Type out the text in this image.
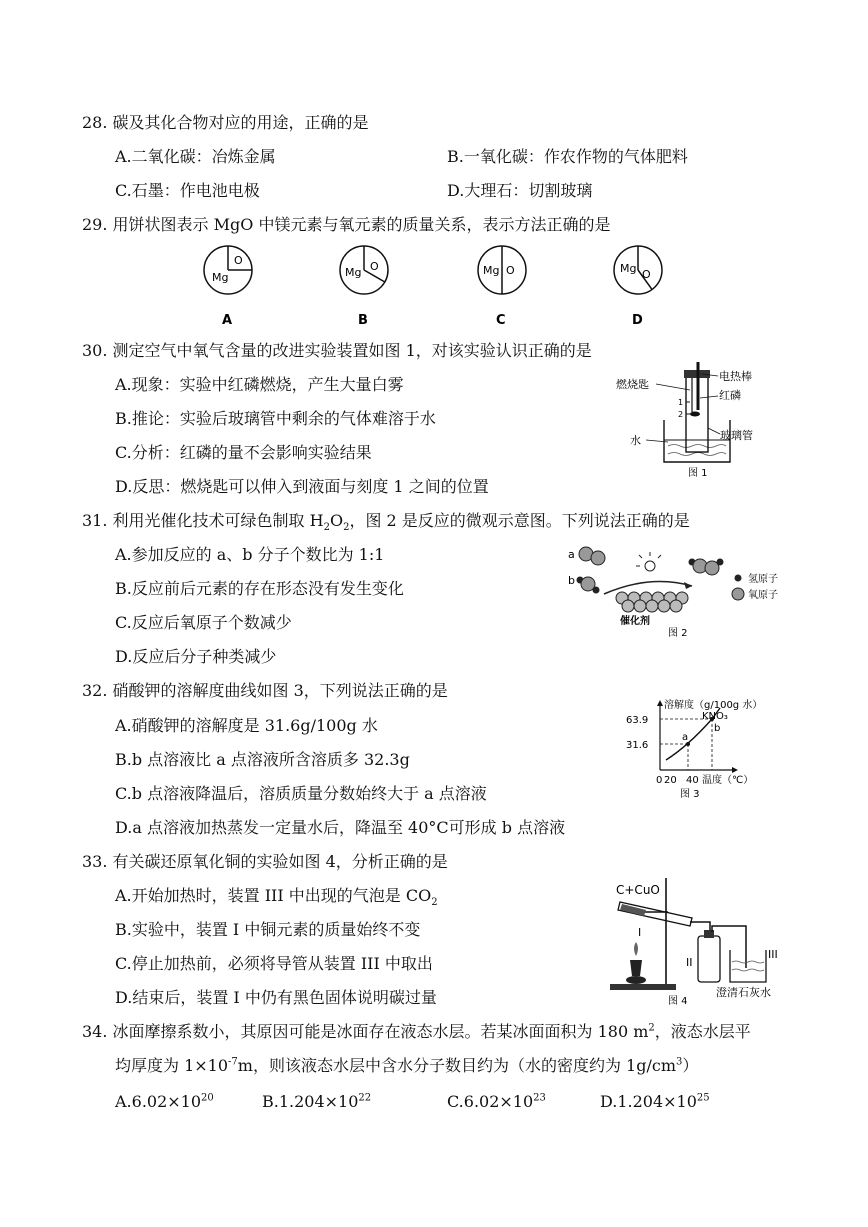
28. 碳及其化合物对应的用途，正确的是
A.二氧化碳：冶炼金属	B.一氧化碳：作农作物的气体肥料
C.石墨：作电池电极	D.大理石：切割玻璃
29. 用饼状图表示 MgO 中镁元素与氧元素的质量关系，表示方法正确的是
O
Mg
A
O
Mg
B
Mg O
C
Mg O
D
30. 测定空气中氧气含量的改进实验装置如图 1，对该实验认识正确的是
A.现象：实验中红磷燃烧，产生大量白雾
B.推论：实验后玻璃管中剩余的气体难溶于水
C.分析：红磷的量不会影响实验结果
D.反思：燃烧匙可以伸入到液面与刻度 1 之间的位置
1
2
电热棒
红磷
玻璃管
燃烧匙
水
图 1
31. 利用光催化技术可绿色制取 $H_2O_2$，图 2 是反应的微观示意图。下列说法正确的是
A.参加反应的 a、b 分子个数比为 1:1
B.反应前后元素的存在形态没有发生变化
C.反应后氧原子个数减少
D.反应后分子种类减少
a
b
催化剂
氢原子
氧原子
图 2
32. 硝酸钾的溶解度曲线如图 3，下列说法正确的是
A.硝酸钾的溶解度是 31.6g/100g 水
B.b 点溶液比 a 点溶液所含溶质多 32.3g
C.b 点溶液降温后，溶质质量分数始终大于 a 点溶液
D.a 点溶液加热蒸发一定量水后，降温至 40°C可形成 b 点溶液
溶解度（g/100g 水）
a
b
KNO₃
63.9
31.6
0 20 40 温度（℃）
图 3
33. 有关碳还原氧化铜的实验如图 4，分析正确的是
A.开始加热时，装置 III 中出现的气泡是 $CO_2$
B.实验中，装置 I 中铜元素的质量始终不变
C.停止加热前，必须将导管从装置 III 中取出
D.结束后，装置 I 中仍有黑色固体说明碳过量
C+CuO
I
II
III
澄清石灰水
图 4
34. 冰面摩擦系数小，其原因可能是冰面存在液态水层。若某冰面面积为 180 $m^2$，液态水层平
均厚度为 $1\times 10^{-7}m$，则该液态水层中含水分子数目约为（水的密度约为 $1g/cm^3$）
$A.6.02\times 10^{20}$	$B.1.204\times 10^{22}$	$C.6.02\times 10^{23}$	$D.1.204\times 10^{25}$
